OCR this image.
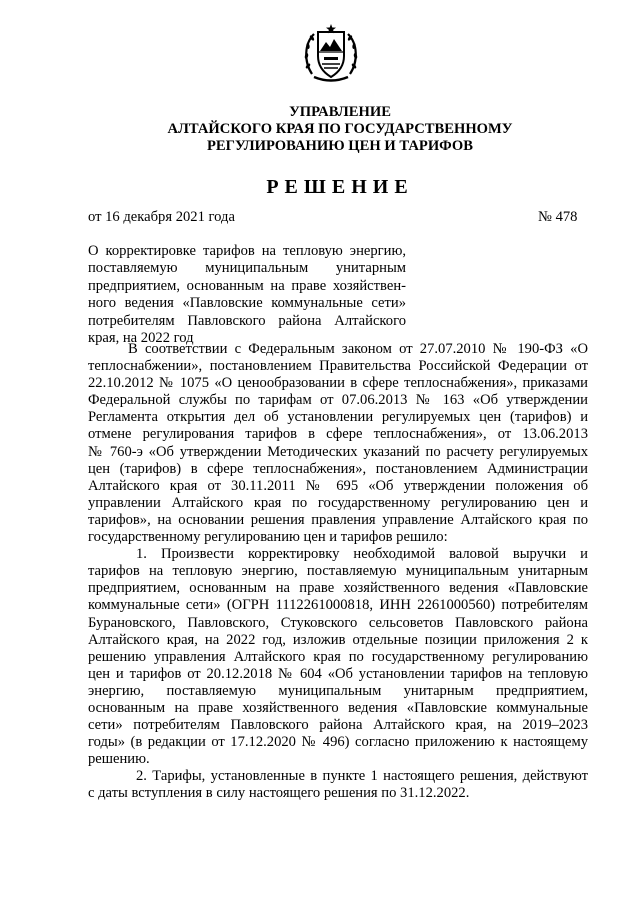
УПРАВЛЕНИЕ
АЛТАЙСКОГО КРАЯ ПО ГОСУДАРСТВЕННОМУ
РЕГУЛИРОВАНИЮ ЦЕН И ТАРИФОВ
РЕШЕНИЕ
от 16 декабря 2021 года	№ 478
О корректировке тарифов на тепловую энергию,
поставляемую муниципальным унитарным
предприятием, основанным на праве хозяйствен-
ного ведения «Павловские коммунальные сети»
потребителям Павловского района Алтайского
края, на 2022 год
В соответствии с Федеральным законом от 27.07.2010 № 190-ФЗ «О
теплоснабжении», постановлением Правительства Российской Федерации от
22.10.2012 № 1075 «О ценообразовании в сфере теплоснабжения», приказами
Федеральной службы по тарифам от 07.06.2013 № 163 «Об утверждении
Регламента открытия дел об установлении регулируемых цен (тарифов) и
отмене регулирования тарифов в сфере теплоснабжения», от 13.06.2013
№ 760-э «Об утверждении Методических указаний по расчету регулируемых
цен (тарифов) в сфере теплоснабжения», постановлением Администрации
Алтайского края от 30.11.2011 № 695 «Об утверждении положения об
управлении Алтайского края по государственному регулированию цен и
тарифов», на основании решения правления управление Алтайского края по
государственному регулированию цен и тарифов решило:
1. Произвести корректировку необходимой валовой выручки и
тарифов на тепловую энергию, поставляемую муниципальным унитарным
предприятием, основанным на праве хозяйственного ведения «Павловские
коммунальные сети» (ОГРН 1112261000818, ИНН 2261000560) потребителям
Бурановского, Павловского, Стуковского сельсоветов Павловского района
Алтайского края, на 2022 год, изложив отдельные позиции приложения 2 к
решению управления Алтайского края по государственному регулированию
цен и тарифов от 20.12.2018 № 604 «Об установлении тарифов на тепловую
энергию, поставляемую муниципальным унитарным предприятием,
основанным на праве хозяйственного ведения «Павловские коммунальные
сети» потребителям Павловского района Алтайского края, на 2019–2023
годы» (в редакции от 17.12.2020 № 496) согласно приложению к настоящему
решению.
2. Тарифы, установленные в пункте 1 настоящего решения, действуют
с даты вступления в силу настоящего решения по 31.12.2022.
